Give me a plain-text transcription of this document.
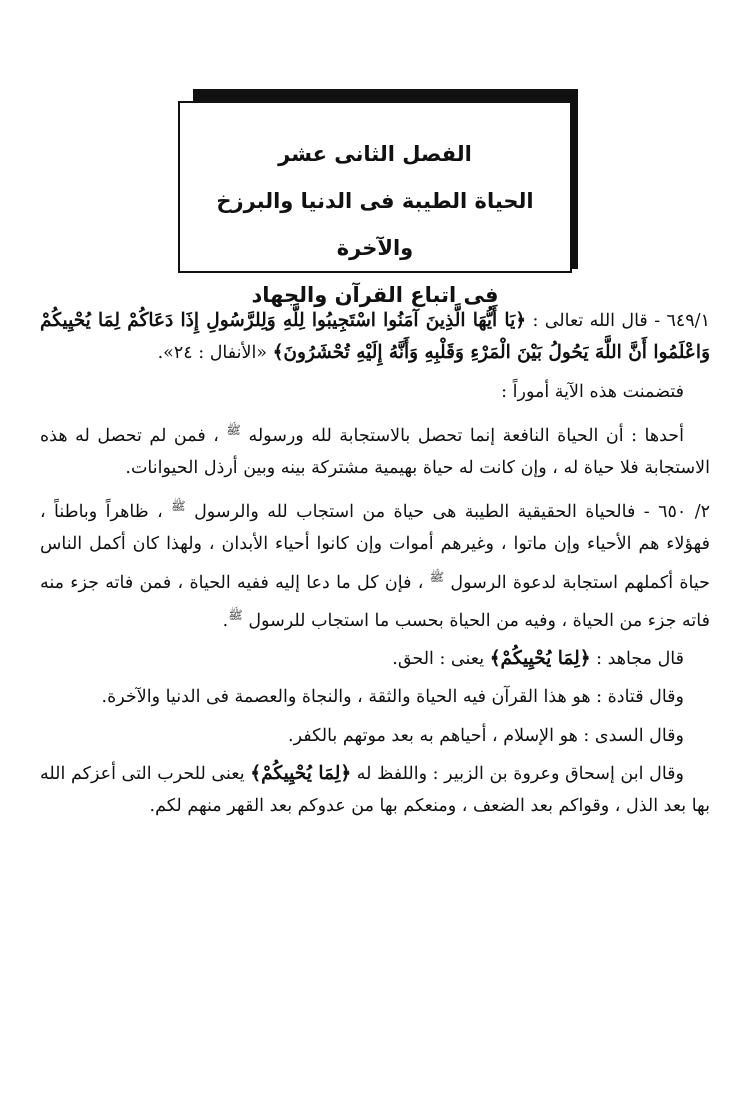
الفصل الثانى عشر

الحياة الطيبة فى الدنيا والبرزخ والآخرة

فى اتباع القرآن والجهاد

٦٤٩/١ - قال الله تعالى : ﴿يَا أَيُّهَا الَّذِينَ آمَنُوا اسْتَجِيبُوا لِلَّهِ وَلِلرَّسُولِ إِذَا دَعَاكُمْ لِمَا يُحْيِيكُمْ وَاعْلَمُوا أَنَّ اللَّهَ يَحُولُ بَيْنَ الْمَرْءِ وَقَلْبِهِ وَأَنَّهُ إِلَيْهِ تُحْشَرُونَ﴾ «الأنفال : ٢٤».

فتضمنت هذه الآية أموراً :

أحدها : أن الحياة النافعة إنما تحصل بالاستجابة لله ورسوله $^ﷺ$ ، فمن لم تحصل له هذه الاستجابة فلا حياة له ، وإن كانت له حياة بهيمية مشتركة بينه وبين أرذل الحيوانات.

٢/ ٦٥٠ - فالحياة الحقيقية الطيبة هى حياة من استجاب لله والرسول $^ﷺ$ ، ظاهراً وباطناً ، فهؤلاء هم الأحياء وإن ماتوا ، وغيرهم أموات وإن كانوا أحياء الأبدان ، ولهذا كان أكمل الناس حياة أكملهم استجابة لدعوة الرسول $^ﷺ$ ، فإن كل ما دعا إليه ففيه الحياة ، فمن فاته جزء منه فاته جزء من الحياة ، وفيه من الحياة بحسب ما استجاب للرسول $^ﷺ$.

قال مجاهد : ﴿لِمَا يُحْيِيكُمْ﴾ يعنى : الحق.

وقال قتادة : هو هذا القرآن فيه الحياة والثقة ، والنجاة والعصمة فى الدنيا والآخرة.

وقال السدى : هو الإسلام ، أحياهم به بعد موتهم بالكفر.

وقال ابن إسحاق وعروة بن الزبير : واللفظ له ﴿لِمَا يُحْيِيكُمْ﴾ يعنى للحرب التى أعزكم الله بها بعد الذل ، وقواكم بعد الضعف ، ومنعكم بها من عدوكم بعد القهر منهم لكم.
